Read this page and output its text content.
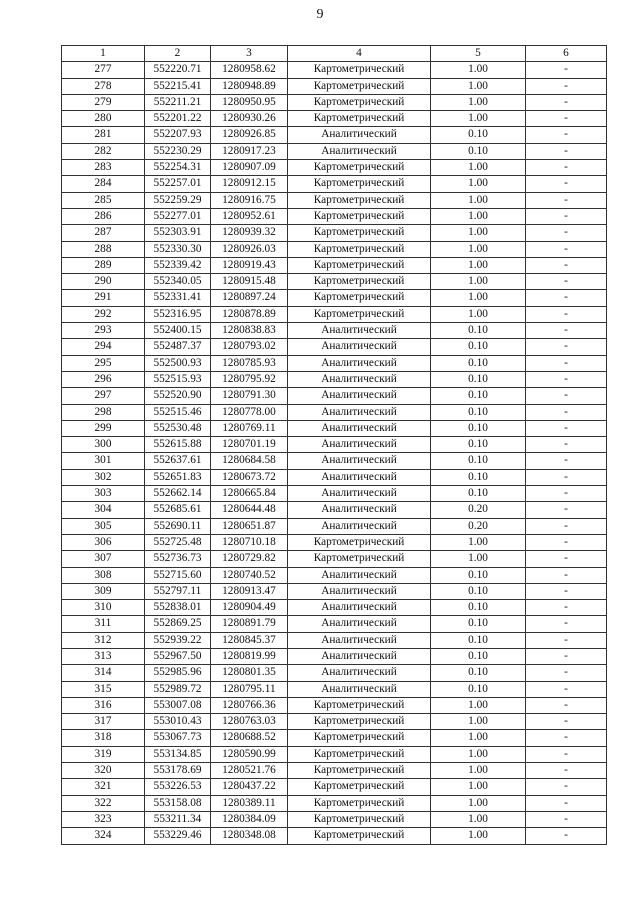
9
1	2	3	4	5	6
277	552220.71	1280958.62	Картометрический	1.00	-
278	552215.41	1280948.89	Картометрический	1.00	-
279	552211.21	1280950.95	Картометрический	1.00	-
280	552201.22	1280930.26	Картометрический	1.00	-
281	552207.93	1280926.85	Аналитический	0.10	-
282	552230.29	1280917.23	Аналитический	0.10	-
283	552254.31	1280907.09	Картометрический	1.00	-
284	552257.01	1280912.15	Картометрический	1.00	-
285	552259.29	1280916.75	Картометрический	1.00	-
286	552277.01	1280952.61	Картометрический	1.00	-
287	552303.91	1280939.32	Картометрический	1.00	-
288	552330.30	1280926.03	Картометрический	1.00	-
289	552339.42	1280919.43	Картометрический	1.00	-
290	552340.05	1280915.48	Картометрический	1.00	-
291	552331.41	1280897.24	Картометрический	1.00	-
292	552316.95	1280878.89	Картометрический	1.00	-
293	552400.15	1280838.83	Аналитический	0.10	-
294	552487.37	1280793.02	Аналитический	0.10	-
295	552500.93	1280785.93	Аналитический	0.10	-
296	552515.93	1280795.92	Аналитический	0.10	-
297	552520.90	1280791.30	Аналитический	0.10	-
298	552515.46	1280778.00	Аналитический	0.10	-
299	552530.48	1280769.11	Аналитический	0.10	-
300	552615.88	1280701.19	Аналитический	0.10	-
301	552637.61	1280684.58	Аналитический	0.10	-
302	552651.83	1280673.72	Аналитический	0.10	-
303	552662.14	1280665.84	Аналитический	0.10	-
304	552685.61	1280644.48	Аналитический	0.20	-
305	552690.11	1280651.87	Аналитический	0.20	-
306	552725.48	1280710.18	Картометрический	1.00	-
307	552736.73	1280729.82	Картометрический	1.00	-
308	552715.60	1280740.52	Аналитический	0.10	-
309	552797.11	1280913.47	Аналитический	0.10	-
310	552838.01	1280904.49	Аналитический	0.10	-
311	552869.25	1280891.79	Аналитический	0.10	-
312	552939.22	1280845.37	Аналитический	0.10	-
313	552967.50	1280819.99	Аналитический	0.10	-
314	552985.96	1280801.35	Аналитический	0.10	-
315	552989.72	1280795.11	Аналитический	0.10	-
316	553007.08	1280766.36	Картометрический	1.00	-
317	553010.43	1280763.03	Картометрический	1.00	-
318	553067.73	1280688.52	Картометрический	1.00	-
319	553134.85	1280590.99	Картометрический	1.00	-
320	553178.69	1280521.76	Картометрический	1.00	-
321	553226.53	1280437.22	Картометрический	1.00	-
322	553158.08	1280389.11	Картометрический	1.00	-
323	553211.34	1280384.09	Картометрический	1.00	-
324	553229.46	1280348.08	Картометрический	1.00	-
